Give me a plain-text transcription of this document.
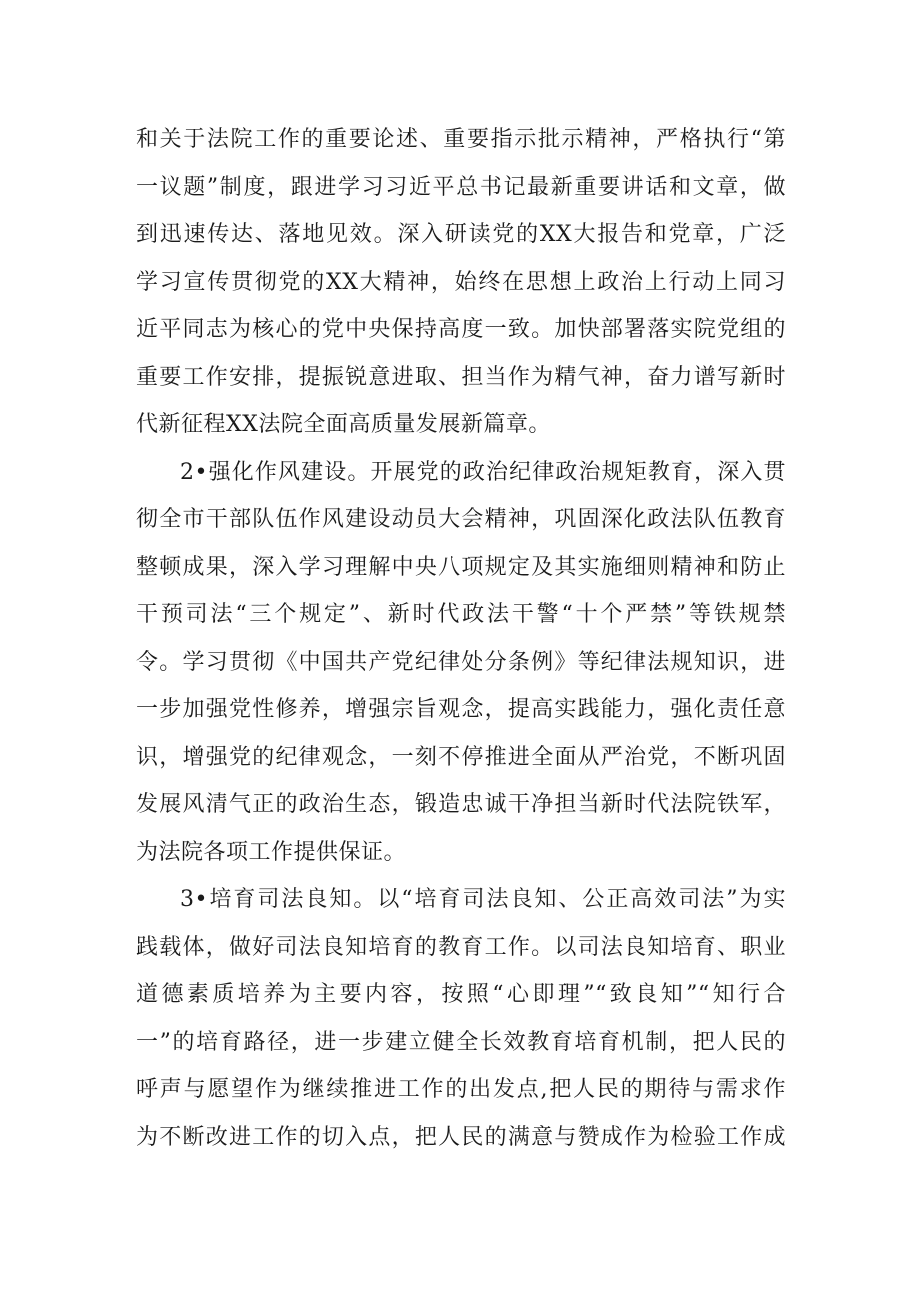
和关于法院工作的重要论述、重要指示批示精神，严格执行“第
一议题”制度，跟进学习习近平总书记最新重要讲话和文章，做
到迅速传达、落地见效。深入研读党的XX大报告和党章，广泛
学习宣传贯彻党的XX大精神，始终在思想上政治上行动上同习
近平同志为核心的党中央保持高度一致。加快部署落实院党组的
重要工作安排，提振锐意进取、担当作为精气神，奋力谱写新时
代新征程XX法院全面高质量发展新篇章。
2•强化作风建设。开展党的政治纪律政治规矩教育，深入贯
彻全市干部队伍作风建设动员大会精神，巩固深化政法队伍教育
整顿成果，深入学习理解中央八项规定及其实施细则精神和防止
干预司法“三个规定”、新时代政法干警“十个严禁”等铁规禁
令。学习贯彻《中国共产党纪律处分条例》等纪律法规知识，进
一步加强党性修养，增强宗旨观念，提高实践能力，强化责任意
识，增强党的纪律观念，一刻不停推进全面从严治党，不断巩固
发展风清气正的政治生态，锻造忠诚干净担当新时代法院铁军，
为法院各项工作提供保证。
3•培育司法良知。以“培育司法良知、公正高效司法”为实
践载体，做好司法良知培育的教育工作。以司法良知培育、职业
道德素质培养为主要内容，按照“心即理”“致良知”“知行合
一”的培育路径，进一步建立健全长效教育培育机制，把人民的
呼声与愿望作为继续推进工作的出发点,把人民的期待与需求作
为不断改进工作的切入点，把人民的满意与赞成作为检验工作成
